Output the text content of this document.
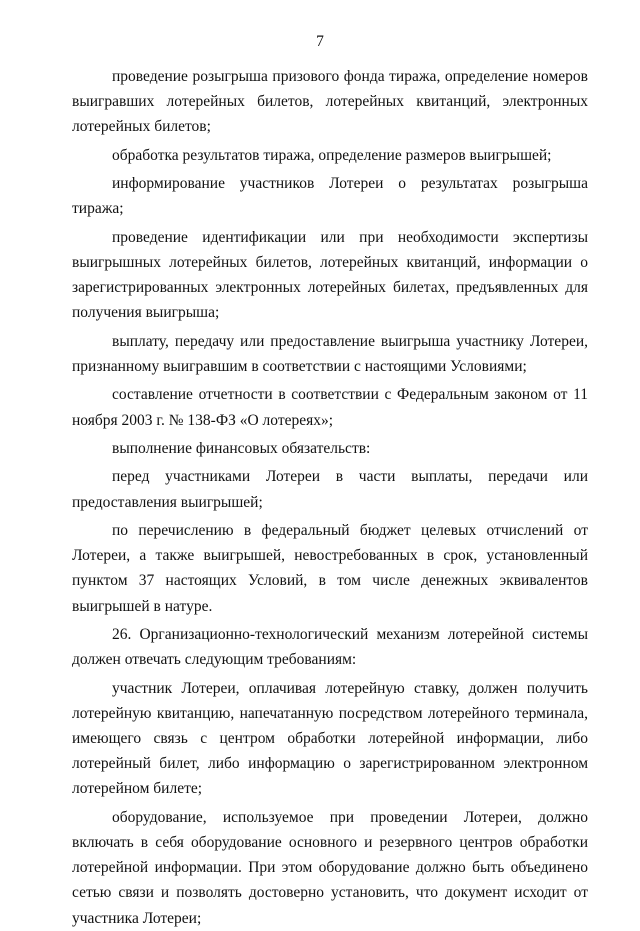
7

проведение розыгрыша призового фонда тиража, определение номеров выигравших лотерейных билетов, лотерейных квитанций, электронных лотерейных билетов;

обработка результатов тиража, определение размеров выигрышей;

информирование участников Лотереи о результатах розыгрыша тиража;

проведение идентификации или при необходимости экспертизы выигрышных лотерейных билетов, лотерейных квитанций, информации о зарегистрированных электронных лотерейных билетах, предъявленных для получения выигрыша;

выплату, передачу или предоставление выигрыша участнику Лотереи, признанному выигравшим в соответствии с настоящими Условиями;

составление отчетности в соответствии с Федеральным законом от 11 ноября 2003 г. № 138-ФЗ «О лотереях»;

выполнение финансовых обязательств:

перед участниками Лотереи в части выплаты, передачи или предоставления выигрышей;

по перечислению в федеральный бюджет целевых отчислений от Лотереи, а также выигрышей, невостребованных в срок, установленный пунктом 37 настоящих Условий, в том числе денежных эквивалентов выигрышей в натуре.

26. Организационно-технологический механизм лотерейной системы должен отвечать следующим требованиям:

участник Лотереи, оплачивая лотерейную ставку, должен получить лотерейную квитанцию, напечатанную посредством лотерейного терминала, имеющего связь с центром обработки лотерейной информации, либо лотерейный билет, либо информацию о зарегистрированном электронном лотерейном билете;

оборудование, используемое при проведении Лотереи, должно включать в себя оборудование основного и резервного центров обработки лотерейной информации. При этом оборудование должно быть объединено сетью связи и позволять достоверно установить, что документ исходит от участника Лотереи;
